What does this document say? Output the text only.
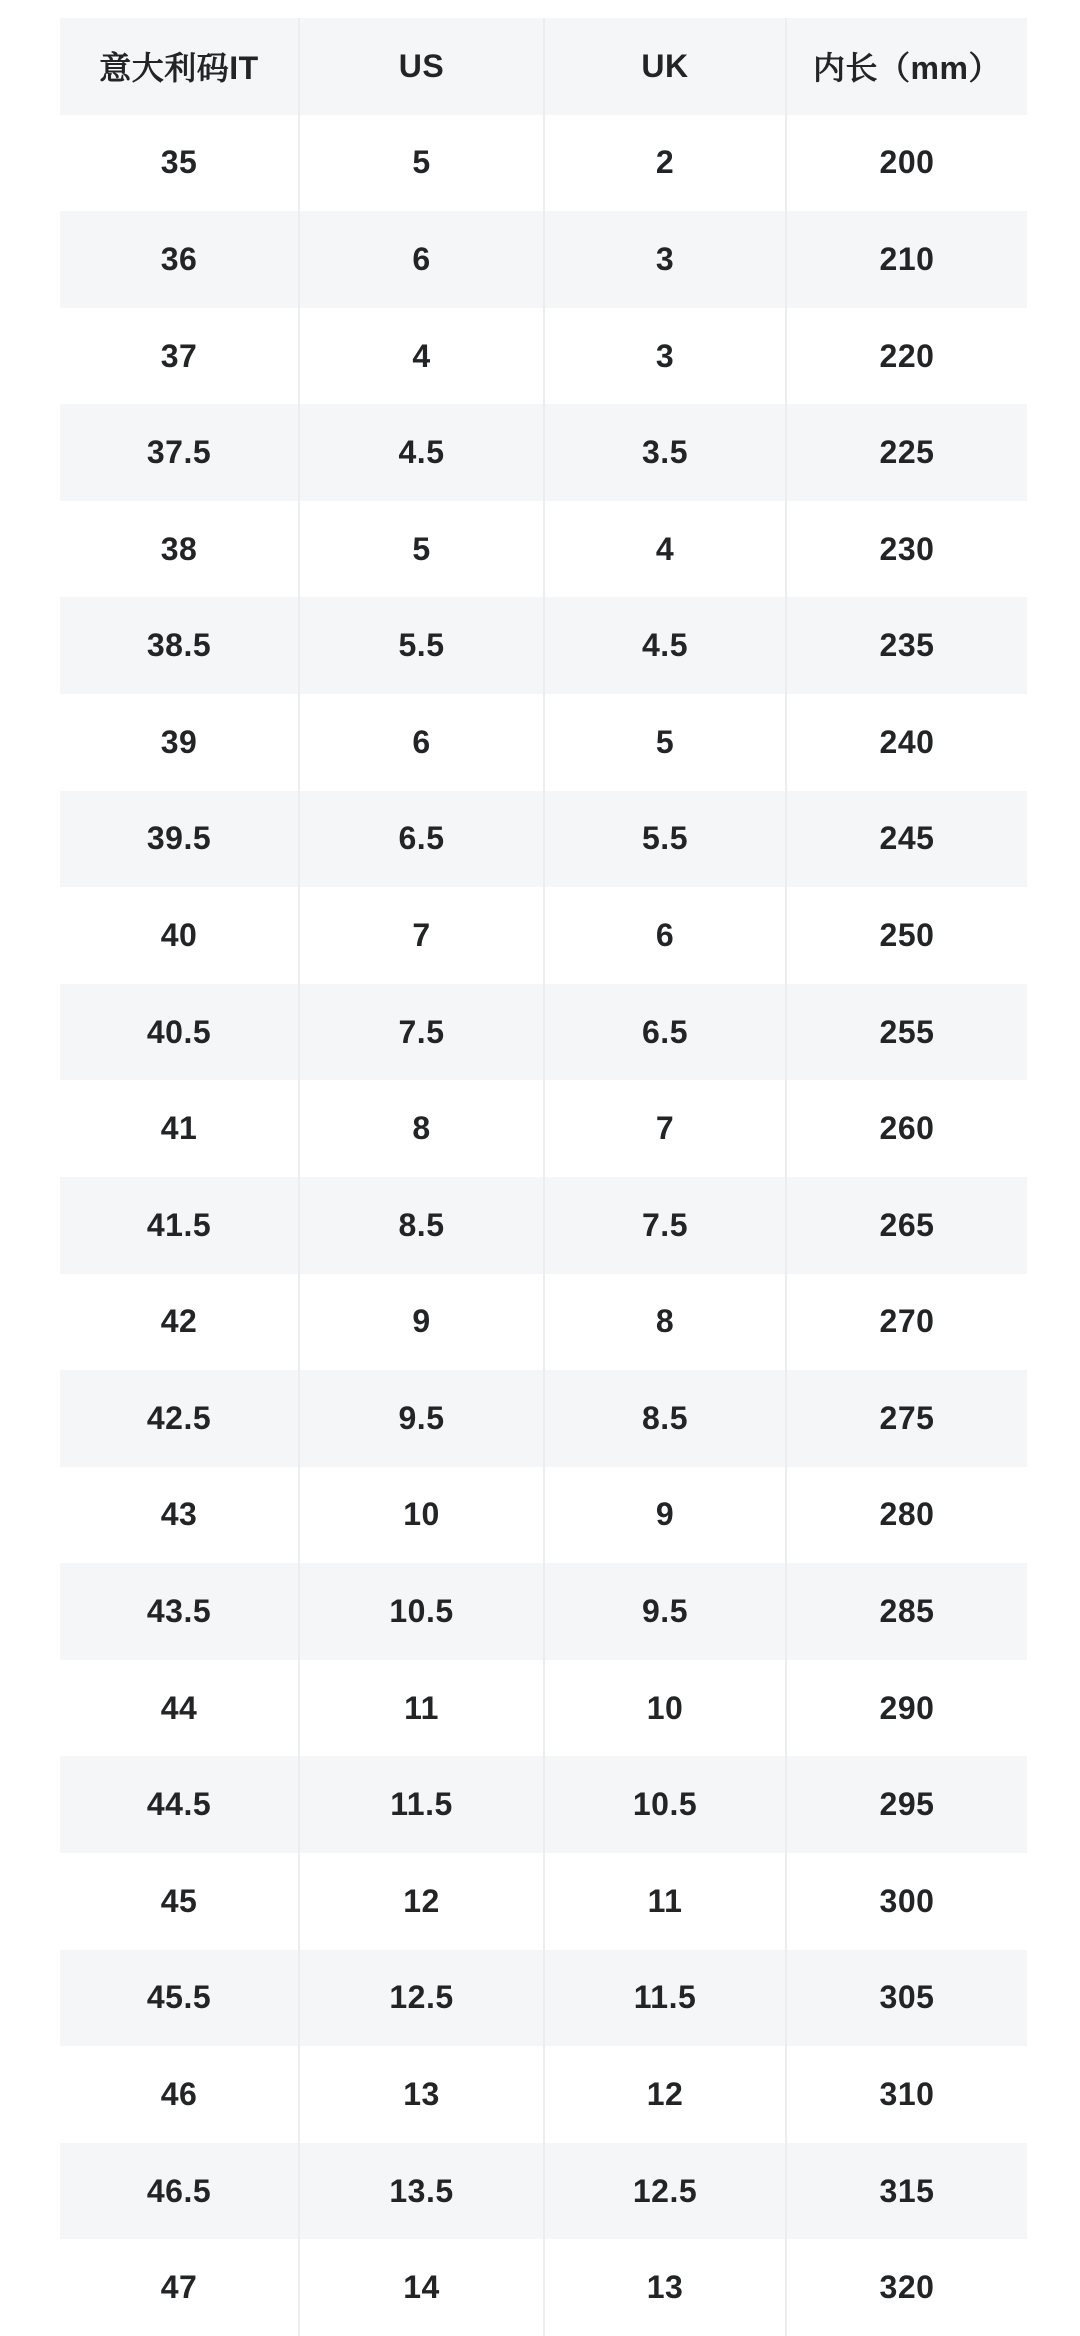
意大利码IT	US	UK	内长（mm）
35	5	2	200
36	6	3	210
37	4	3	220
37.5	4.5	3.5	225
38	5	4	230
38.5	5.5	4.5	235
39	6	5	240
39.5	6.5	5.5	245
40	7	6	250
40.5	7.5	6.5	255
41	8	7	260
41.5	8.5	7.5	265
42	9	8	270
42.5	9.5	8.5	275
43	10	9	280
43.5	10.5	9.5	285
44	11	10	290
44.5	11.5	10.5	295
45	12	11	300
45.5	12.5	11.5	305
46	13	12	310
46.5	13.5	12.5	315
47	14	13	320
